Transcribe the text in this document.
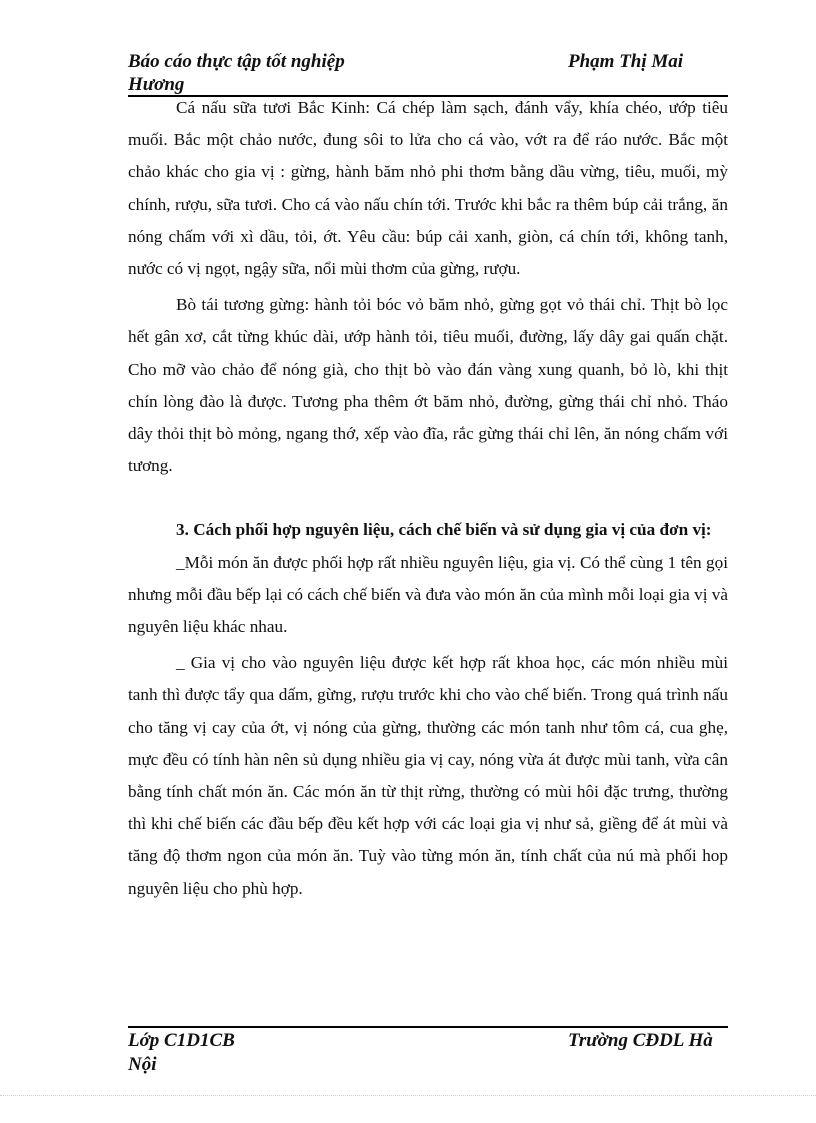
Báo cáo thực tập tốt nghiệp	Phạm Thị Mai
Hương

Cá nấu sữa tươi Bắc Kinh: Cá chép làm sạch, đánh vẩy, khía chéo, ướp tiêu muối. Bắc một chảo nước, đung sôi to lửa cho cá vào, vớt ra để ráo nước. Bắc một chảo khác cho gia vị : gừng, hành băm nhỏ phi thơm bằng dầu vừng, tiêu, muối, mỳ chính, rượu, sữa tươi. Cho cá vào nấu chín tới. Trước khi bắc ra thêm búp cải trắng, ăn nóng chấm với xì dầu, tỏi, ớt. Yêu cầu: búp cải xanh, giòn, cá chín tới, không tanh, nước có vị ngọt, ngậy sữa, nổi mùi thơm của gừng, rượu.

Bò tái tương gừng: hành tỏi bóc vỏ băm nhỏ, gừng gọt vỏ thái chỉ. Thịt bò lọc hết gân xơ, cắt từng khúc dài, ướp hành tỏi, tiêu muối, đường, lấy dây gai quấn chặt. Cho mỡ vào chảo để nóng già, cho thịt bò vào đán vàng xung quanh, bỏ lò, khi thịt chín lòng đào là được. Tương pha thêm ớt băm nhỏ, đường, gừng thái chỉ nhỏ. Tháo dây thỏi thịt bò mỏng, ngang thớ, xếp vào đĩa, rắc gừng thái chỉ lên, ăn nóng chấm với tương.

3. Cách phối hợp nguyên liệu, cách chế biến và sử dụng gia vị của đơn vị:

_Mỗi món ăn được phối hợp rất nhiều nguyên liệu, gia vị. Có thể cùng 1 tên gọi nhưng mỗi đầu bếp lại có cách chế biến và đưa vào món ăn của mình mỗi loại gia vị và nguyên liệu khác nhau.

_ Gia vị cho vào nguyên liệu được kết hợp rất khoa học, các món nhiều mùi tanh thì được tẩy qua dấm, gừng, rượu trước khi cho vào chế biến. Trong quá trình nấu cho tăng vị cay của ớt, vị nóng của gừng, thường các món tanh như tôm cá, cua ghẹ, mực đều có tính hàn nên sủ dụng nhiều gia vị cay, nóng vừa át được mùi tanh, vừa cân bằng tính chất món ăn. Các món ăn từ thịt rừng, thường có mùi hôi đặc trưng, thường thì khi chế biến các đầu bếp đều kết hợp với các loại gia vị như sả, giềng để át mùi và tăng độ thơm ngon của món ăn. Tuỳ vào từng món ăn, tính chất của nú mà phối hop nguyên liệu cho phù hợp.

Lớp C1D1CB	Trường CĐDL Hà
Nội
